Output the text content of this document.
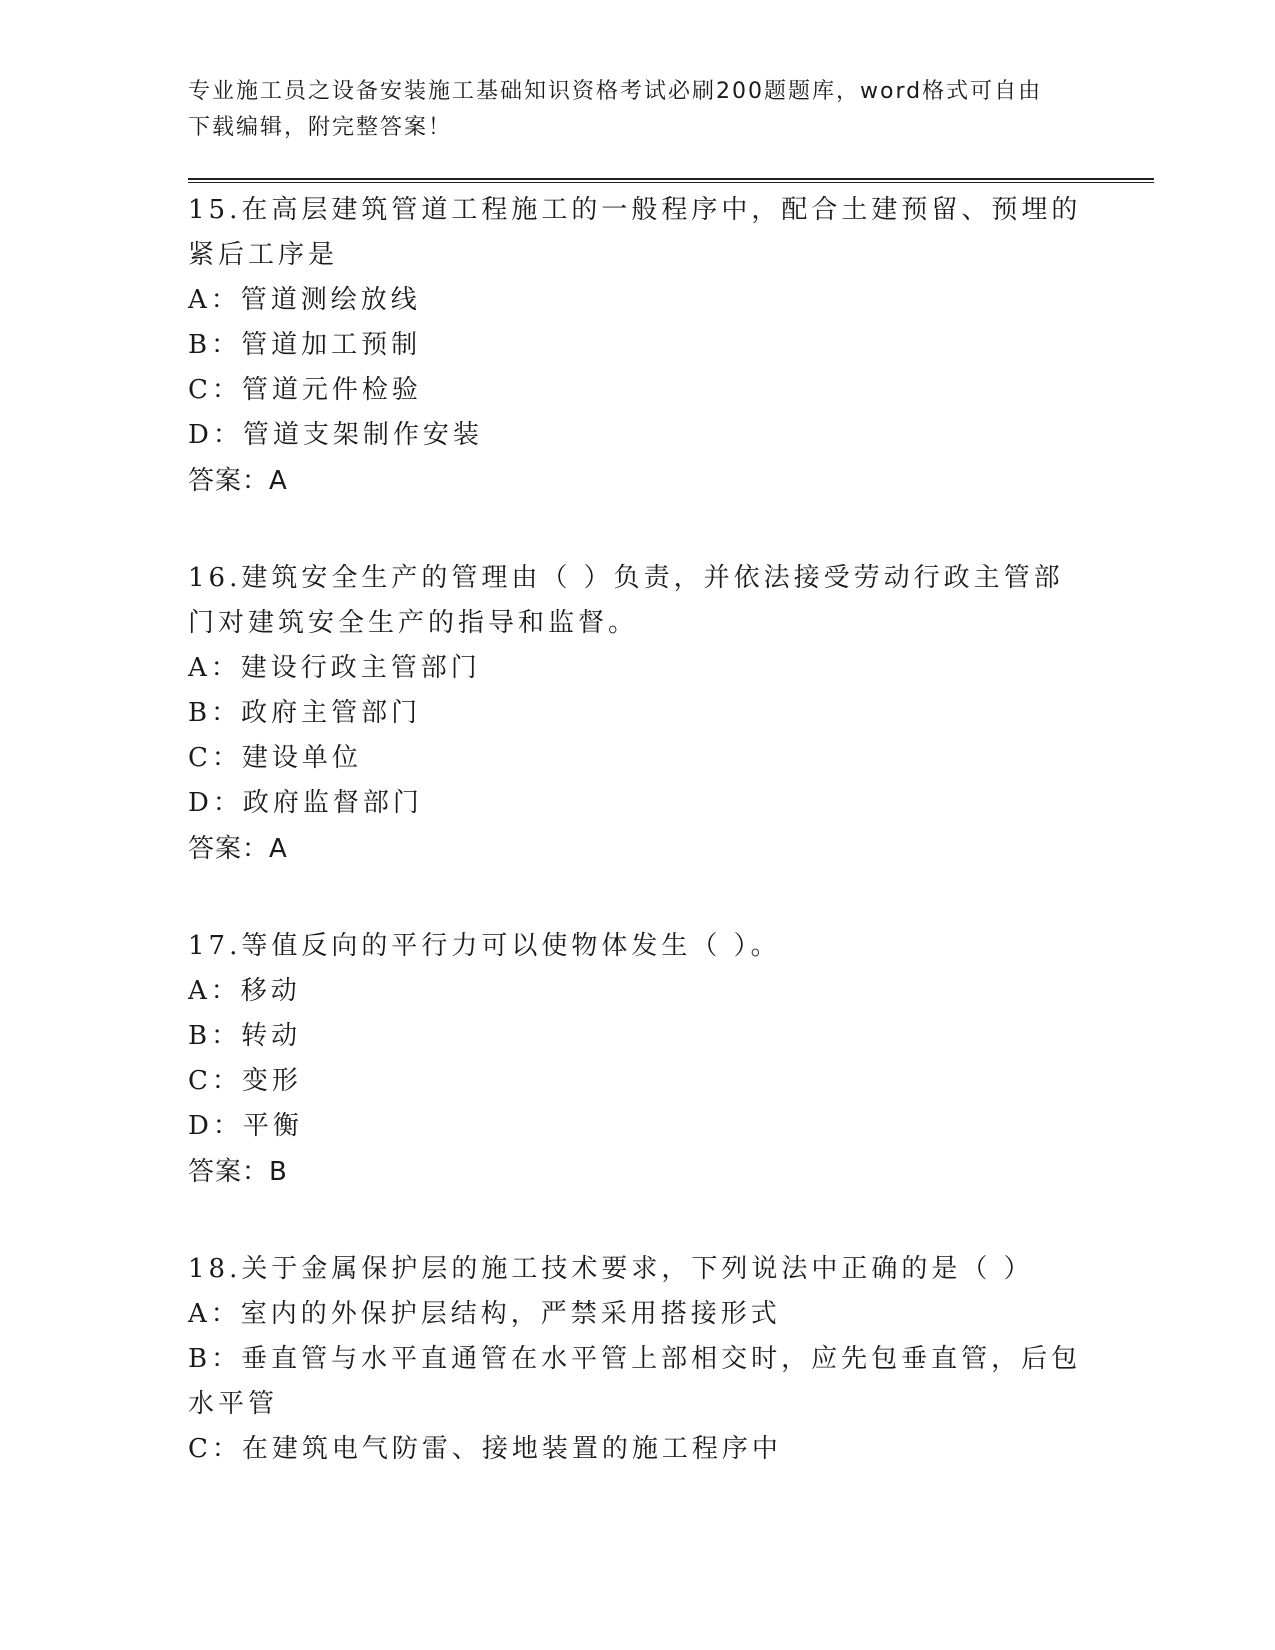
专业施工员之设备安装施工基础知识资格考试必刷200题题库，word格式可自由
下载编辑，附完整答案！
15.在高层建筑管道工程施工的一般程序中，配合土建预留、预埋的紧后工序是
A：管道测绘放线
B：管道加工预制
C：管道元件检验
D：管道支架制作安装
答案：A
16.建筑安全生产的管理由（ ）负责，并依法接受劳动行政主管部门对建筑安全生产的指导和监督。
A：建设行政主管部门
B：政府主管部门
C：建设单位
D：政府监督部门
答案：A
17.等值反向的平行力可以使物体发生（ ）。
A：移动
B：转动
C：变形
D：平衡
答案：B
18.关于金属保护层的施工技术要求，下列说法中正确的是（ ）
A：室内的外保护层结构，严禁采用搭接形式
B：垂直管与水平直通管在水平管上部相交时，应先包垂直管，后包水平管
C：在建筑电气防雷、接地装置的施工程序中
